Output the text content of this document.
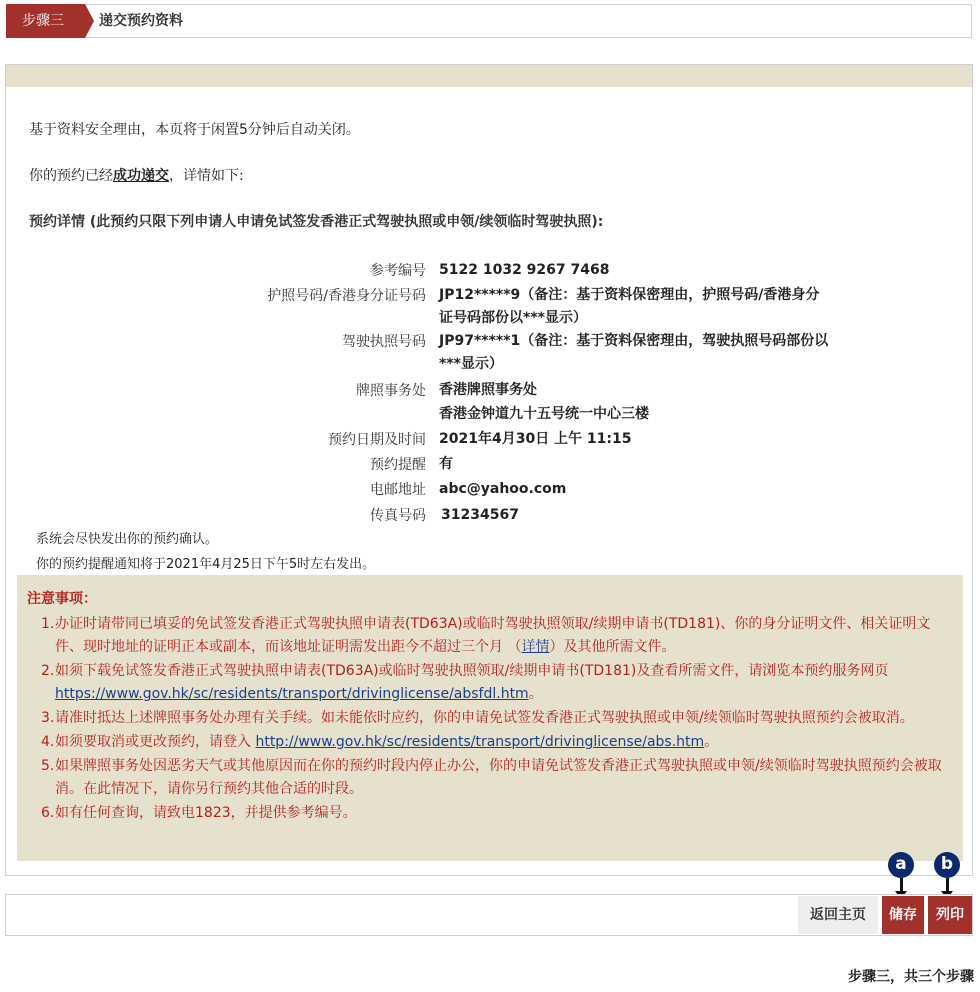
步骤三	递交预约资料
基于资料安全理由，本页将于闲置5分钟后自动关闭。
你的预约已经成功递交，详情如下:
预约详情 (此预约只限下列申请人申请免试签发香港正式驾驶执照或申领/续领临时驾驶执照):
参考编号 5122 1032 9267 7468
护照号码/香港身分证号码 JP12*****9（备注：基于资料保密理由，护照号码/香港身分证号码部份以***显示）
驾驶执照号码 JP97*****1（备注：基于资料保密理由，驾驶执照号码部份以***显示）
牌照事务处 香港牌照事务处
香港金钟道九十五号统一中心三楼
预约日期及时间 2021年4月30日 上午 11:15
预约提醒 有
电邮地址 abc@yahoo.com
传真号码 31234567
系统会尽快发出你的预约确认。
你的预约提醒通知将于2021年4月25日下午5时左右发出。
注意事项：
1. 办证时请带同已填妥的免试签发香港正式驾驶执照申请表(TD63A)或临时驾驶执照领取/续期申请书(TD181)、你的身分证明文件、相关证明文件、现时地址的证明正本或副本，而该地址证明需发出距今不超过三个月 （详情）及其他所需文件。
2. 如须下载免试签发香港正式驾驶执照申请表(TD63A)或临时驾驶执照领取/续期申请书(TD181)及查看所需文件，请浏览本预约服务网页 https://www.gov.hk/sc/residents/transport/drivinglicense/absfdl.htm。
3. 请准时抵达上述牌照事务处办理有关手续。如未能依时应约，你的申请免试签发香港正式驾驶执照或申领/续领临时驾驶执照预约会被取消。
4. 如须要取消或更改预约，请登入 http://www.gov.hk/sc/residents/transport/drivinglicense/abs.htm。
5. 如果牌照事务处因恶劣天气或其他原因而在你的预约时段内停止办公，你的申请免试签发香港正式驾驶执照或申领/续领临时驾驶执照预约会被取消。在此情况下，请你另行预约其他合适的时段。
6. 如有任何查询，请致电1823，并提供参考编号。
a	b
返回主页	储存	列印
步骤三，共三个步骤
